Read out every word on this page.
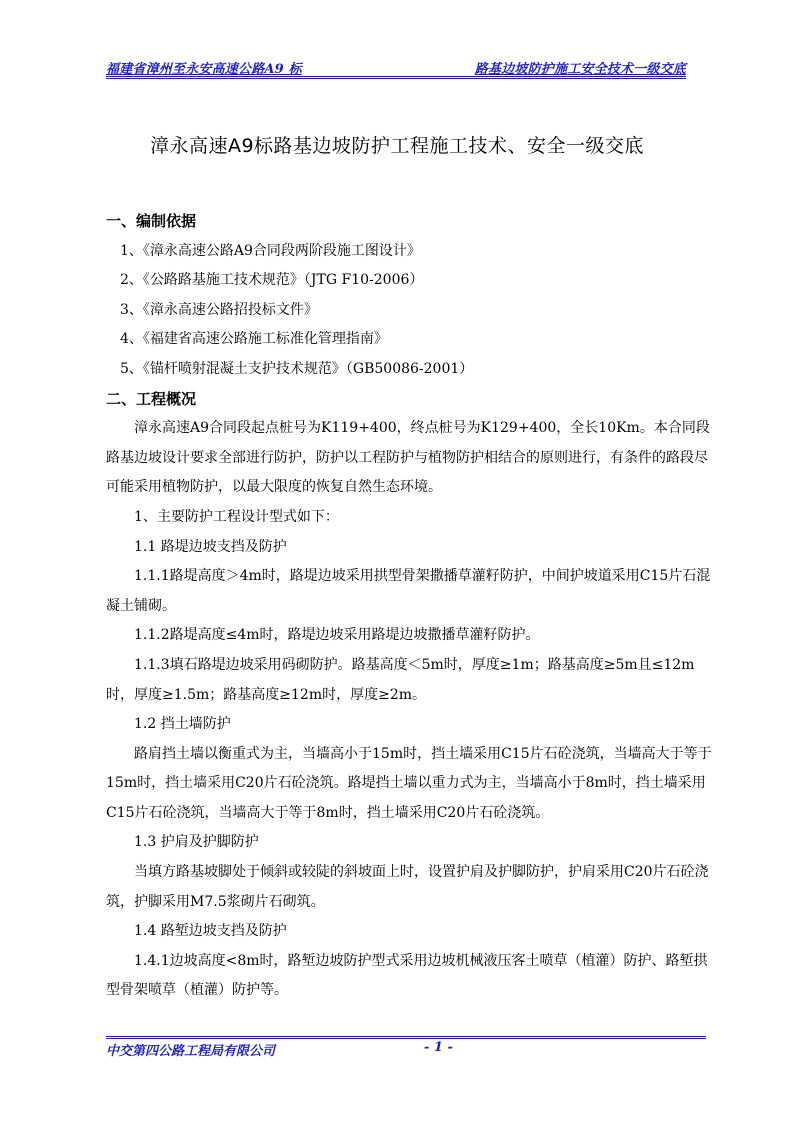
福建省漳州至永安高速公路A9 标	路基边坡防护施工安全技术一级交底
漳永高速A9标路基边坡防护工程施工技术、安全一级交底

一、编制依据

1、《漳永高速公路A9合同段两阶段施工图设计》

2、《公路路基施工技术规范》（JTG F10-2006）

3、《漳永高速公路招投标文件》

4、《福建省高速公路施工标准化管理指南》

5、《锚杆喷射混凝土支护技术规范》（GB50086-2001）

二、工程概况

漳永高速A9合同段起点桩号为K119+400，终点桩号为K129+400，全长10Km。本合同段路基边坡设计要求全部进行防护，防护以工程防护与植物防护相结合的原则进行，有条件的路段尽可能采用植物防护，以最大限度的恢复自然生态环境。

1、主要防护工程设计型式如下：

1.1 路堤边坡支挡及防护

1.1.1路堤高度＞4m时，路堤边坡采用拱型骨架撒播草灌籽防护，中间护坡道采用C15片石混凝土铺砌。

1.1.2路堤高度≤4m时，路堤边坡采用路堤边坡撒播草灌籽防护。

1.1.3填石路堤边坡采用码砌防护。路基高度＜5m时，厚度≥1m；路基高度≥5m且≤12m时，厚度≥1.5m；路基高度≥12m时，厚度≥2m。

1.2 挡土墙防护

路肩挡土墙以衡重式为主，当墙高小于15m时，挡土墙采用C15片石砼浇筑，当墙高大于等于15m时，挡土墙采用C20片石砼浇筑。路堤挡土墙以重力式为主，当墙高小于8m时，挡土墙采用C15片石砼浇筑，当墙高大于等于8m时，挡土墙采用C20片石砼浇筑。

1.3 护肩及护脚防护

当填方路基坡脚处于倾斜或较陡的斜坡面上时，设置护肩及护脚防护，护肩采用C20片石砼浇筑，护脚采用M7.5浆砌片石砌筑。

1.4 路堑边坡支挡及防护

1.4.1边坡高度<8m时，路堑边坡防护型式采用边坡机械液压客土喷草（植灌）防护、路堑拱型骨架喷草（植灌）防护等。

中交第四公路工程局有限公司	- 1 -
